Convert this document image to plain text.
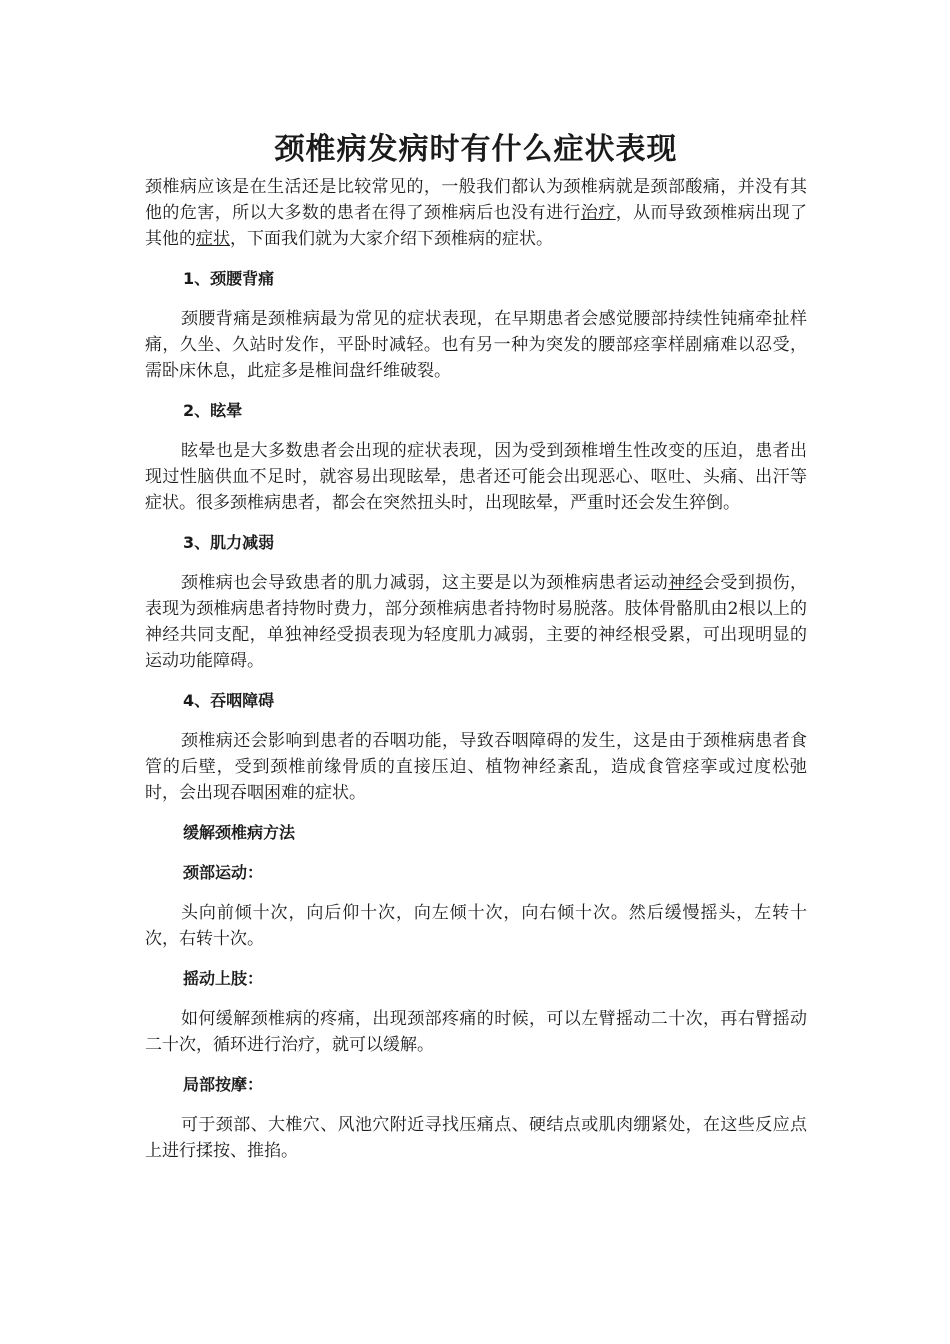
颈椎病发病时有什么症状表现

颈椎病应该是在生活还是比较常见的，一般我们都认为颈椎病就是颈部酸痛，并没有其他的危害，所以大多数的患者在得了颈椎病后也没有进行治疗，从而导致颈椎病出现了其他的症状，下面我们就为大家介绍下颈椎病的症状。

1、颈腰背痛

颈腰背痛是颈椎病最为常见的症状表现，在早期患者会感觉腰部持续性钝痛牵扯样痛，久坐、久站时发作，平卧时减轻。也有另一种为突发的腰部痉挛样剧痛难以忍受，需卧床休息，此症多是椎间盘纤维破裂。

2、眩晕

眩晕也是大多数患者会出现的症状表现，因为受到颈椎增生性改变的压迫，患者出现过性脑供血不足时，就容易出现眩晕，患者还可能会出现恶心、呕吐、头痛、出汗等症状。很多颈椎病患者，都会在突然扭头时，出现眩晕，严重时还会发生猝倒。

3、肌力减弱

颈椎病也会导致患者的肌力减弱，这主要是以为颈椎病患者运动神经会受到损伤，表现为颈椎病患者持物时费力，部分颈椎病患者持物时易脱落。肢体骨骼肌由2根以上的神经共同支配，单独神经受损表现为轻度肌力减弱，主要的神经根受累，可出现明显的运动功能障碍。

4、吞咽障碍

颈椎病还会影响到患者的吞咽功能，导致吞咽障碍的发生，这是由于颈椎病患者食管的后壁，受到颈椎前缘骨质的直接压迫、植物神经紊乱，造成食管痉挛或过度松弛时，会出现吞咽困难的症状。

缓解颈椎病方法

颈部运动：

头向前倾十次，向后仰十次，向左倾十次，向右倾十次。然后缓慢摇头，左转十次，右转十次。

摇动上肢：

如何缓解颈椎病的疼痛，出现颈部疼痛的时候，可以左臂摇动二十次，再右臂摇动二十次，循环进行治疗，就可以缓解。

局部按摩：

可于颈部、大椎穴、风池穴附近寻找压痛点、硬结点或肌肉绷紧处，在这些反应点上进行揉按、推掐。
